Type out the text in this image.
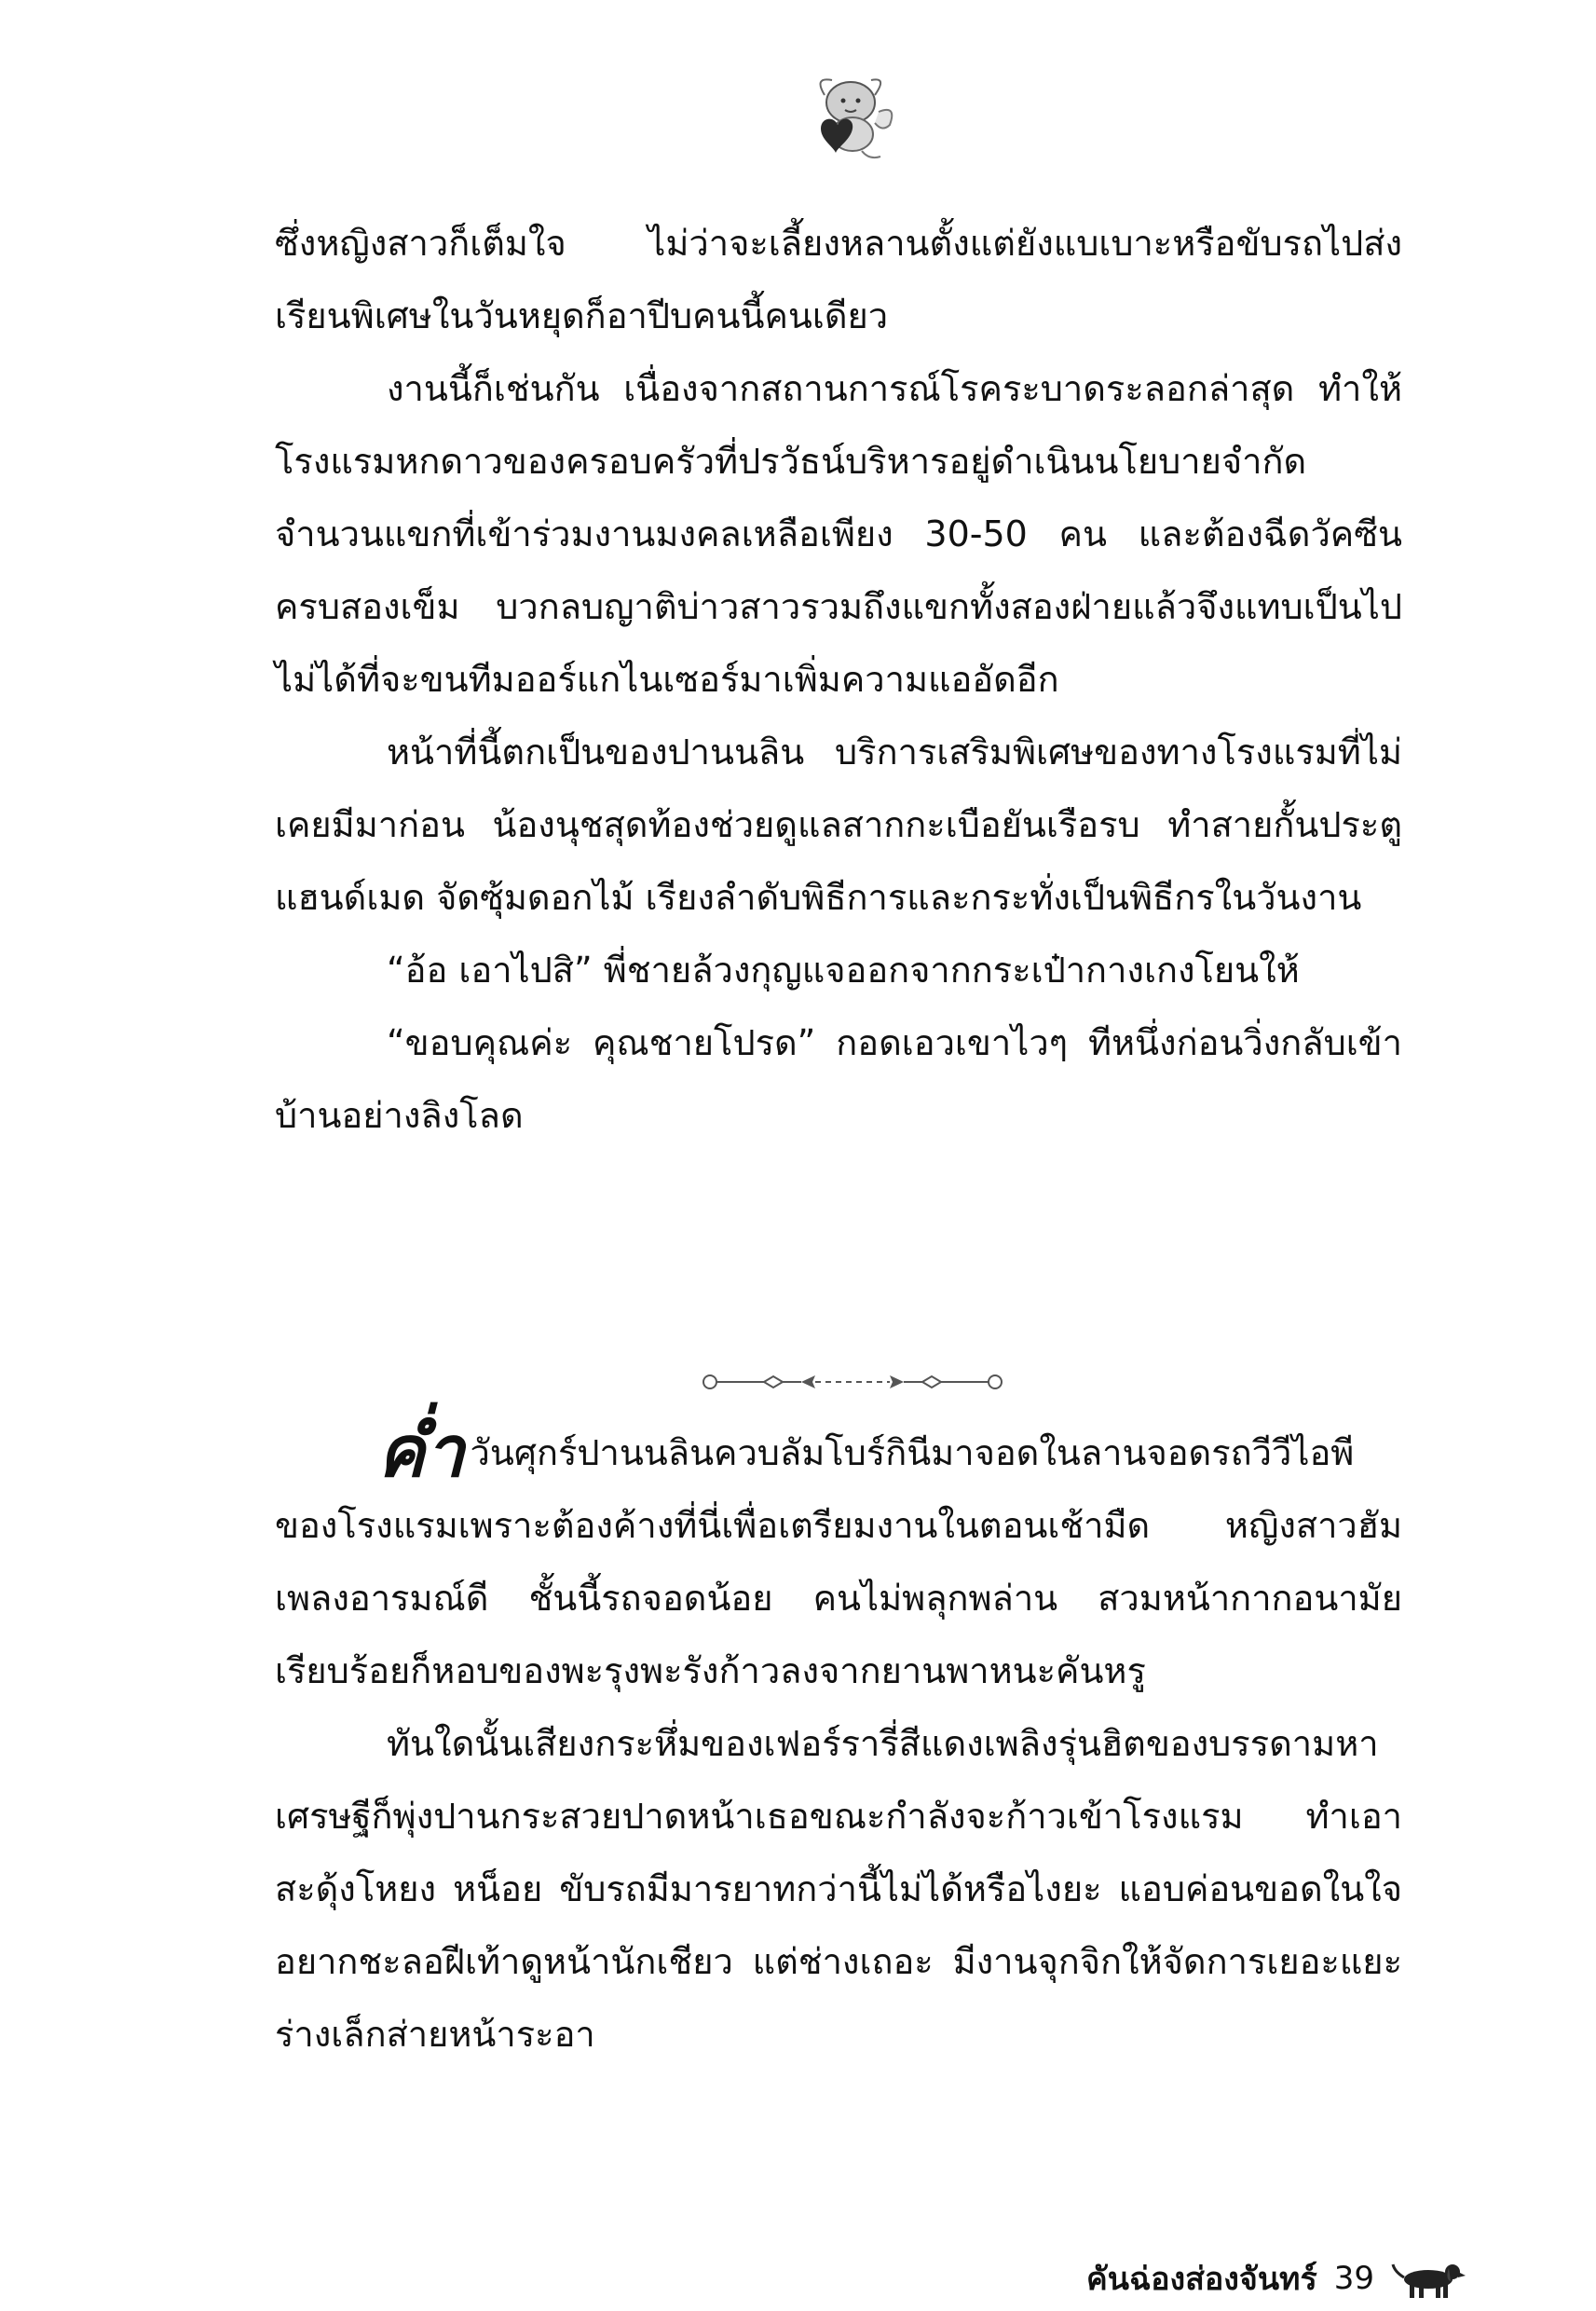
ซึ่งหญิงสาวก็เต็มใจ ไม่ว่าจะเลี้ยงหลานตั้งแต่ยังแบเบาะหรือขับรถไปส่งเรียนพิเศษในวันหยุดก็อาปีบคนนี้คนเดียว

งานนี้ก็เช่นกัน เนื่องจากสถานการณ์โรคระบาดระลอกล่าสุด ทำให้โรงแรมหกดาวของครอบครัวที่ปรวัธน์บริหารอยู่ดำเนินนโยบายจำกัดจำนวนแขกที่เข้าร่วมงานมงคลเหลือเพียง 30-50 คน และต้องฉีดวัคซีนครบสองเข็ม บวกลบญาติบ่าวสาวรวมถึงแขกทั้งสองฝ่ายแล้วจึงแทบเป็นไปไม่ได้ที่จะขนทีมออร์แกไนเซอร์มาเพิ่มความแออัดอีก

หน้าที่นี้ตกเป็นของปานนลิน บริการเสริมพิเศษของทางโรงแรมที่ไม่เคยมีมาก่อน น้องนุชสุดท้องช่วยดูแลสากกะเบือยันเรือรบ ทำสายกั้นประตูแฮนด์เมด จัดซุ้มดอกไม้ เรียงลำดับพิธีการและกระทั่งเป็นพิธีกรในวันงาน

“อ้อ เอาไปสิ” พี่ชายล้วงกุญแจออกจากกระเป๋ากางเกงโยนให้

“ขอบคุณค่ะ คุณชายโปรด” กอดเอวเขาไวๆ ทีหนึ่งก่อนวิ่งกลับเข้าบ้านอย่างลิงโลด

ค่ำ วันศุกร์ปานนลินควบลัมโบร์กินีมาจอดในลานจอดรถวีวีไอพีของโรงแรมเพราะต้องค้างที่นี่เพื่อเตรียมงานในตอนเช้ามืด หญิงสาวฮัมเพลงอารมณ์ดี ชั้นนี้รถจอดน้อย คนไม่พลุกพล่าน สวมหน้ากากอนามัยเรียบร้อยก็หอบของพะรุงพะรังก้าวลงจากยานพาหนะคันหรู

ทันใดนั้นเสียงกระหึ่มของเฟอร์รารี่สีแดงเพลิงรุ่นฮิตของบรรดามหาเศรษฐีก็พุ่งปานกระสวยปาดหน้าเธอขณะกำลังจะก้าวเข้าโรงแรม ทำเอาสะดุ้งโหยง หน็อย ขับรถมีมารยาทกว่านี้ไม่ได้หรือไงยะ แอบค่อนขอดในใจ อยากชะลอฝีเท้าดูหน้านักเชียว แต่ช่างเถอะ มีงานจุกจิกให้จัดการเยอะแยะ ร่างเล็กส่ายหน้าระอา

คันฉ่องส่องจันทร์ 39
